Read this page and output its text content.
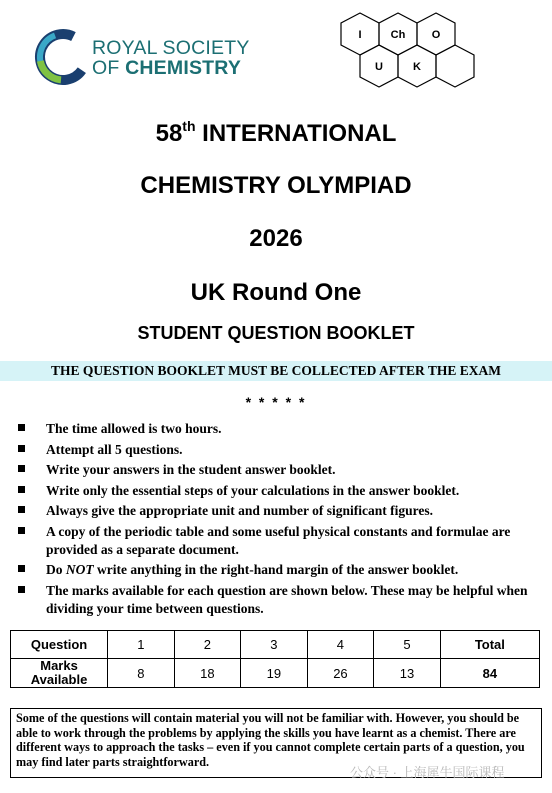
ROYAL SOCIETY
OF CHEMISTRY
I	Ch O
U	K
58th INTERNATIONAL
CHEMISTRY OLYMPIAD
2026
UK Round One
STUDENT QUESTION BOOKLET
THE QUESTION BOOKLET MUST BE COLLECTED AFTER THE EXAM
* * * * *
The time allowed is two hours.
Attempt all 5 questions.
Write your answers in the student answer booklet.
Write only the essential steps of your calculations in the answer booklet.
Always give the appropriate unit and number of significant figures.
A copy of the periodic table and some useful physical constants and formulae are provided as a separate document.
Do NOT write anything in the right-hand margin of the answer booklet.
The marks available for each question are shown below. These may be helpful when dividing your time between questions.
Question	1	2	3	4	5	Total
Marks Available	8	18	19	26	13	84
Some of the questions will contain material you will not be familiar with. However, you should be able to work through the problems by applying the skills you have learnt as a chemist. There are different ways to approach the tasks – even if you cannot complete certain parts of a question, you may find later parts straightforward.
公众号 · 上海犀牛国际课程
